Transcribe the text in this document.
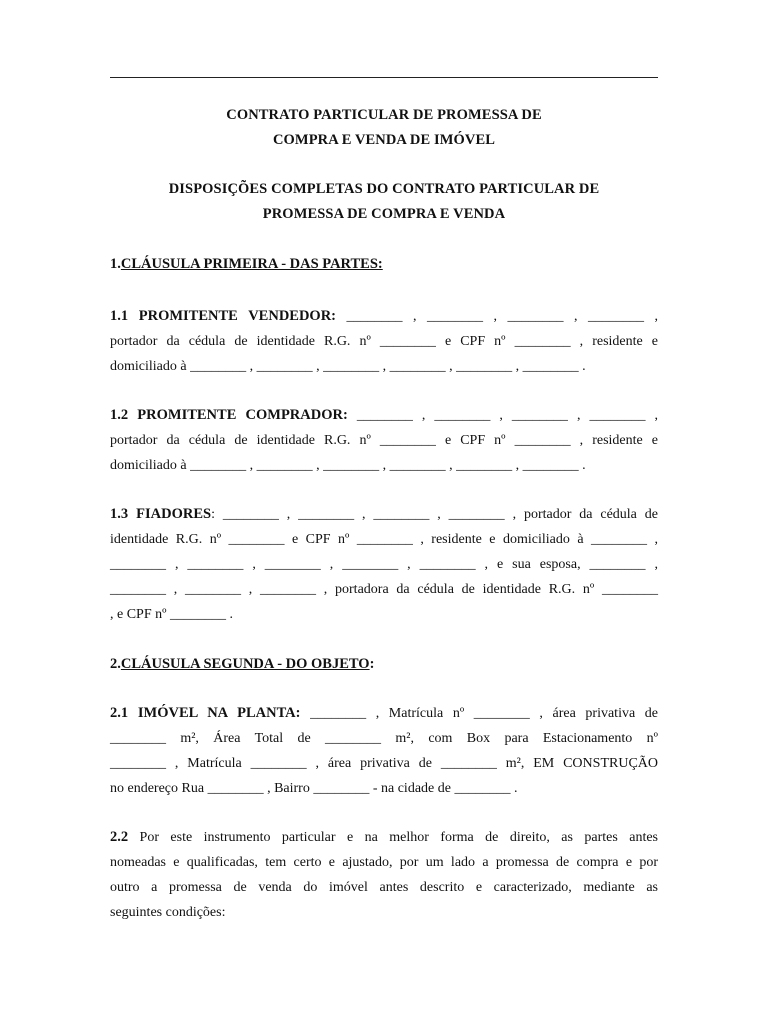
CONTRATO PARTICULAR DE PROMESSA DE
COMPRA E VENDA DE IMÓVEL
DISPOSIÇÕES COMPLETAS DO CONTRATO PARTICULAR DE
PROMESSA DE COMPRA E VENDA
1.CLÁUSULA PRIMEIRA - DAS PARTES:
1.1 PROMITENTE VENDEDOR: ________ , ________ , ________ , ________ ,
portador da cédula de identidade R.G. nº ________ e CPF nº ________ , residente e
domiciliado à ________ , ________ , ________ , ________ , ________ , ________ .
1.2 PROMITENTE COMPRADOR: ________ , ________ , ________ , ________ ,
portador da cédula de identidade R.G. nº ________ e CPF nº ________ , residente e
domiciliado à ________ , ________ , ________ , ________ , ________ , ________ .
1.3 FIADORES: ________ , ________ , ________ , ________ , portador da cédula de
identidade R.G. nº ________ e CPF nº ________ , residente e domiciliado à ________ ,
________ , ________ , ________ , ________ , ________ , e sua esposa, ________ ,
________ , ________ , ________ , portadora da cédula de identidade R.G. nº ________
, e CPF nº ________ .
2.CLÁUSULA SEGUNDA - DO OBJETO:
2.1 IMÓVEL NA PLANTA: ________ , Matrícula nº ________ , área privativa de
________ m², Área Total de ________ m², com Box para Estacionamento nº
________ , Matrícula ________ , área privativa de ________ m², EM CONSTRUÇÃO
no endereço Rua ________ , Bairro ________ - na cidade de ________ .
2.2 Por este instrumento particular e na melhor forma de direito, as partes antes
nomeadas e qualificadas, tem certo e ajustado, por um lado a promessa de compra e por
outro a promessa de venda do imóvel antes descrito e caracterizado, mediante as
seguintes condições:
